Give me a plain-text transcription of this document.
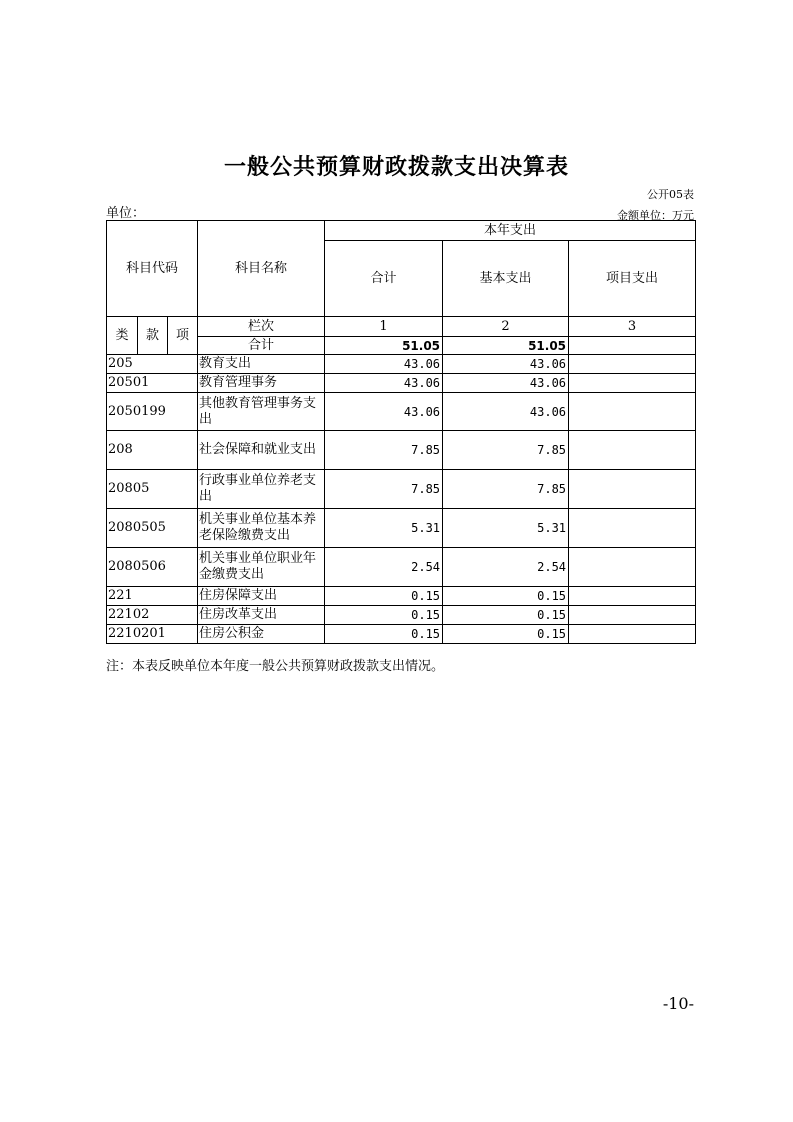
一般公共预算财政拨款支出决算表
公开05表
单位：	金额单位：万元
科目代码			科目名称	本年支出		
				合计	基本支出	项目支出
类	款	项	栏次	1	2	3
			合计	51.05	51.05	
205			教育支出	43.06	43.06	
20501			教育管理事务	43.06	43.06	
2050199			其他教育管理事务支出	43.06	43.06	
208			社会保障和就业支出	7.85	7.85	
20805			行政事业单位养老支出	7.85	7.85	
2080505			机关事业单位基本养老保险缴费支出	5.31	5.31	
2080506			机关事业单位职业年金缴费支出	2.54	2.54	
221			住房保障支出	0.15	0.15	
22102			住房改革支出	0.15	0.15	
2210201			住房公积金	0.15	0.15	
注：本表反映单位本年度一般公共预算财政拨款支出情况。
-10-
